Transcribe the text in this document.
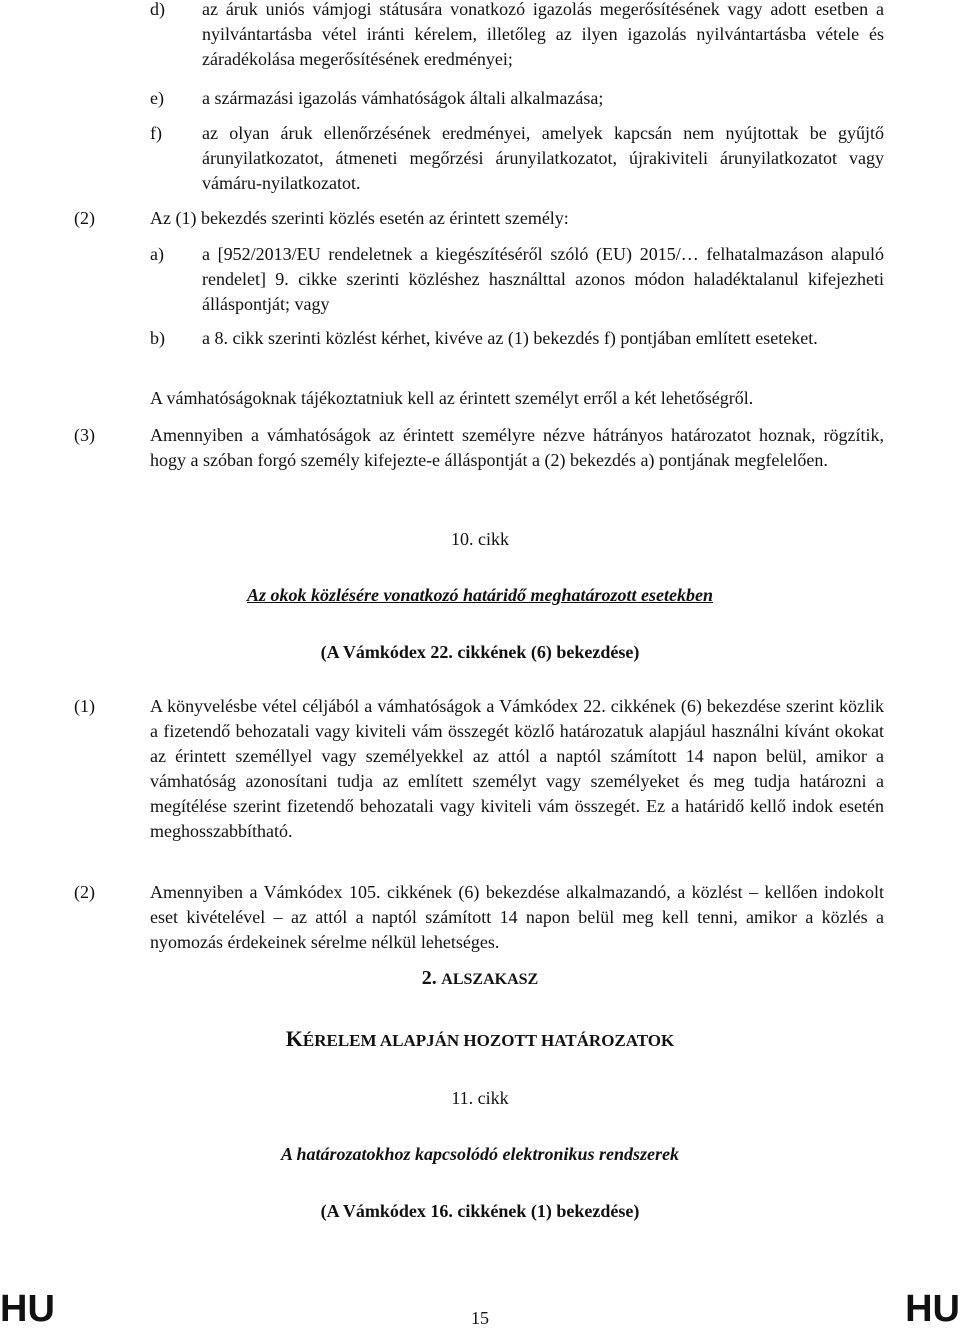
d) az áruk uniós vámjogi státusára vonatkozó igazolás megerősítésének vagy adott esetben a nyilvántartásba vétel iránti kérelem, illetőleg az ilyen igazolás nyilvántartásba vétele és záradékolása megerősítésének eredményei;
e) a származási igazolás vámhatóságok általi alkalmazása;
f) az olyan áruk ellenőrzésének eredményei, amelyek kapcsán nem nyújtottak be gyűjtő árunyilatkozatot, átmeneti megőrzési árunyilatkozatot, újrakiviteli árunyilatkozatot vagy vámáru-nyilatkozatot.
(2)	Az (1) bekezdés szerinti közlés esetén az érintett személy:
a) a [952/2013/EU rendeletnek a kiegészítéséről szóló (EU) 2015/… felhatalmazáson alapuló rendelet] 9. cikke szerinti közléshez használttal azonos módon haladéktalanul kifejezheti álláspontját; vagy
b) a 8. cikk szerinti közlést kérhet, kivéve az (1) bekezdés f) pontjában említett eseteket.
A vámhatóságoknak tájékoztatniuk kell az érintett személyt erről a két lehetőségről.
(3)	Amennyiben a vámhatóságok az érintett személyre nézve hátrányos határozatot hoznak, rögzítik, hogy a szóban forgó személy kifejezte-e álláspontját a (2) bekezdés a) pontjának megfelelően.
10. cikk
Az okok közlésére vonatkozó határidő meghatározott esetekben
(A Vámkódex 22. cikkének (6) bekezdése)
(1)	A könyvelésbe vétel céljából a vámhatóságok a Vámkódex 22. cikkének (6) bekezdése szerint közlik a fizetendő behozatali vagy kiviteli vám összegét közlő határozatuk alapjául használni kívánt okokat az érintett személlyel vagy személyekkel az attól a naptól számított 14 napon belül, amikor a vámhatóság azonosítani tudja az említett személyt vagy személyeket és meg tudja határozni a megítélése szerint fizetendő behozatali vagy kiviteli vám összegét. Ez a határidő kellő indok esetén meghosszabbítható.
(2)	Amennyiben a Vámkódex 105. cikkének (6) bekezdése alkalmazandó, a közlést – kellően indokolt eset kivételével – az attól a naptól számított 14 napon belül meg kell tenni, amikor a közlés a nyomozás érdekeinek sérelme nélkül lehetséges.
2. ALSZAKASZ
KÉRELEM ALAPJÁN HOZOTT HATÁROZATOK
11. cikk
A határozatokhoz kapcsolódó elektronikus rendszerek
(A Vámkódex 16. cikkének (1) bekezdése)
HU	15	HU
